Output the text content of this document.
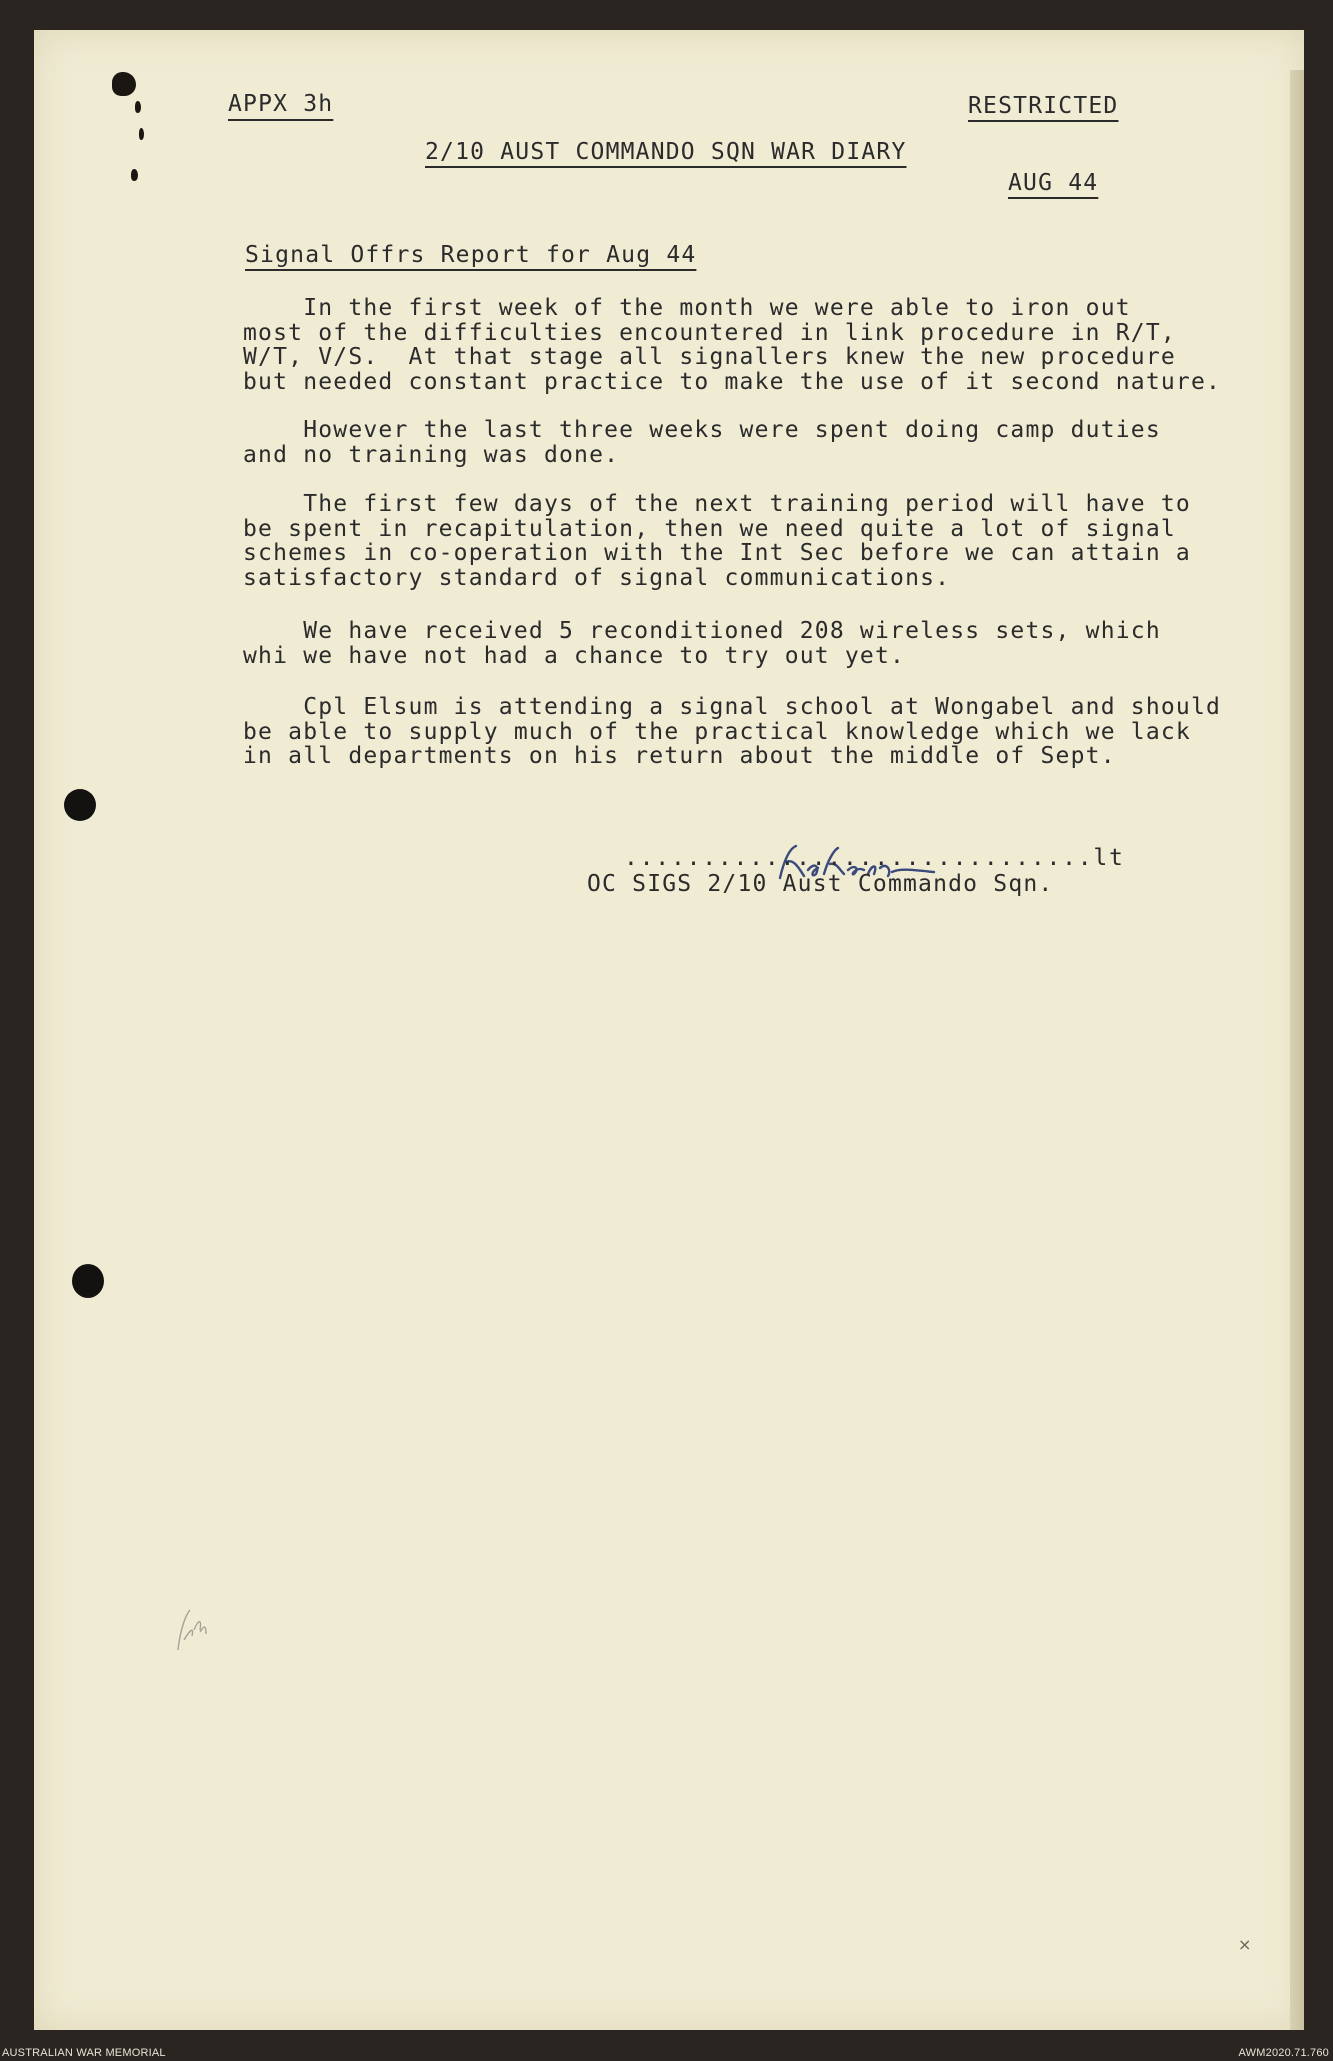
APPX 3h	RESTRICTED
2/10 AUST COMMANDO SQN WAR DIARY
AUG 44
Signal Offrs Report for Aug 44
In the first week of the month we were able to iron out
most of the difficulties encountered in link procedure in R/T,
W/T, V/S.  At that stage all signallers knew the new procedure
but needed constant practice to make the use of it second nature.
However the last three weeks were spent doing camp duties
and no training was done.
The first few days of the next training period will have to
be spent in recapitulation, then we need quite a lot of signal
schemes in co-operation with the Int Sec before we can attain a
satisfactory standard of signal communications.
We have received 5 reconditioned 208 wireless sets, which
whi we have not had a chance to try out yet.
Cpl Elsum is attending a signal school at Wongabel and should
be able to supply much of the practical knowledge which we lack
in all departments on his return about the middle of Sept.
..............................lt
OC SIGS 2/10 Aust Commando Sqn.
×
AUSTRALIAN WAR MEMORIAL	AWM2020.71.760
